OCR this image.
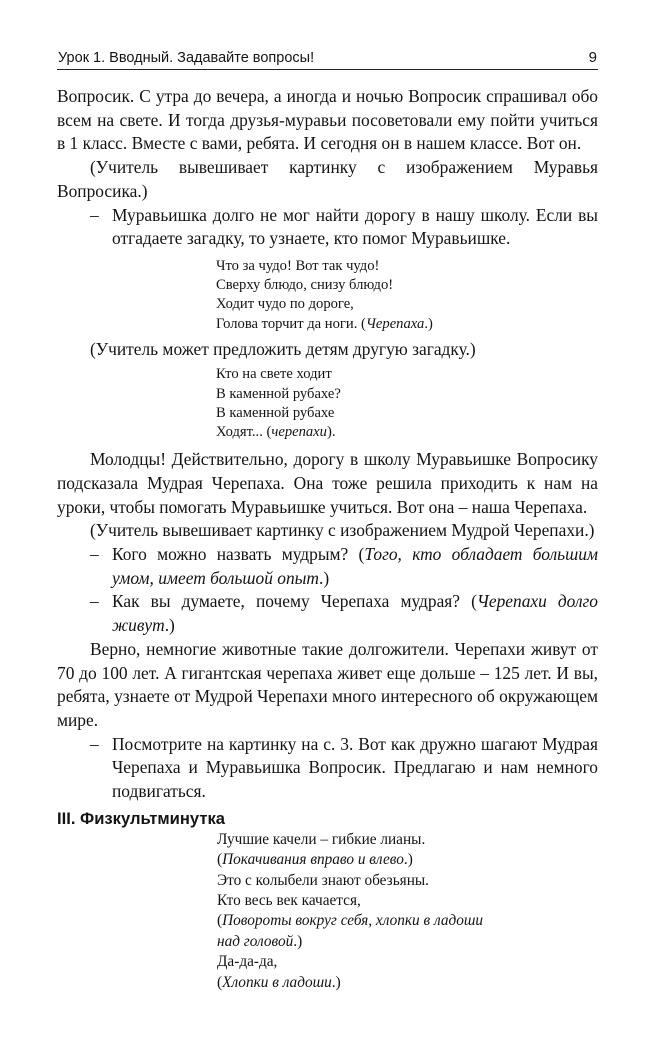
Урок 1. Вводный. Задавайте вопросы!	9

Вопросик. С утра до вечера, а иногда и ночью Вопросик спрашивал обо всем на свете. И тогда друзья-муравьи посоветовали ему пойти учиться в 1 класс. Вместе с вами, ребята. И сегодня он в нашем классе. Вот он.

(Учитель вывешивает картинку с изображением Муравья Вопросика.)

– Муравьишка долго не мог найти дорогу в нашу школу. Если вы отгадаете загадку, то узнаете, кто помог Муравьишке.

Что за чудо! Вот так чудо!
Сверху блюдо, снизу блюдо!
Ходит чудо по дороге,
Голова торчит да ноги. (Черепаха.)

(Учитель может предложить детям другую загадку.)

Кто на свете ходит
В каменной рубахе?
В каменной рубахе
Ходят... (черепахи).

Молодцы! Действительно, дорогу в школу Муравьишке Вопросику подсказала Мудрая Черепаха. Она тоже решила приходить к нам на уроки, чтобы помогать Муравьишке учиться. Вот она – наша Черепаха.

(Учитель вывешивает картинку с изображением Мудрой Черепахи.)

– Кого можно назвать мудрым? (Того, кто обладает большим умом, имеет большой опыт.)

– Как вы думаете, почему Черепаха мудрая? (Черепахи долго живут.)

Верно, немногие животные такие долгожители. Черепахи живут от 70 до 100 лет. А гигантская черепаха живет еще дольше – 125 лет. И вы, ребята, узнаете от Мудрой Черепахи много интересного об окружающем мире.

– Посмотрите на картинку на с. 3. Вот как дружно шагают Мудрая Черепаха и Муравьишка Вопросик. Предлагаю и нам немного подвигаться.

III. Физкультминутка
Лучшие качели – гибкие лианы.
(Покачивания вправо и влево.)
Это с колыбели знают обезьяны.
Кто весь век качается,
(Повороты вокруг себя, хлопки в ладоши
над головой.)
Да-да-да,
(Хлопки в ладоши.)
